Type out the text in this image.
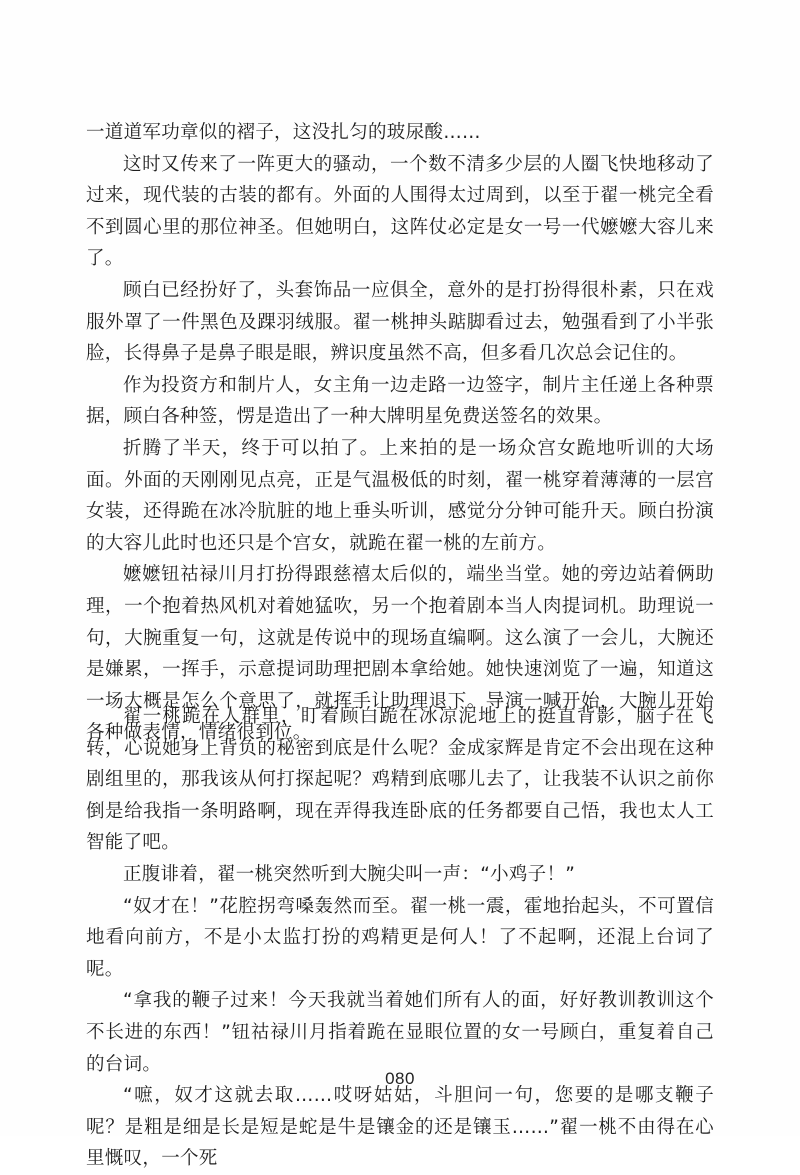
一道道军功章似的褶子，这没扎匀的玻尿酸……

这时又传来了一阵更大的骚动，一个数不清多少层的人圈飞快地移动了过来，现代装的古装的都有。外面的人围得太过周到，以至于翟一桃完全看不到圆心里的那位神圣。但她明白，这阵仗必定是女一号一代嬷嬷大容儿来了。

顾白已经扮好了，头套饰品一应俱全，意外的是打扮得很朴素，只在戏服外罩了一件黑色及踝羽绒服。翟一桃抻头踮脚看过去，勉强看到了小半张脸，长得鼻子是鼻子眼是眼，辨识度虽然不高，但多看几次总会记住的。

作为投资方和制片人，女主角一边走路一边签字，制片主任递上各种票据，顾白各种签，愣是造出了一种大牌明星免费送签名的效果。

折腾了半天，终于可以拍了。上来拍的是一场众宫女跪地听训的大场面。外面的天刚刚见点亮，正是气温极低的时刻，翟一桃穿着薄薄的一层宫女装，还得跪在冰冷肮脏的地上垂头听训，感觉分分钟可能升天。顾白扮演的大容儿此时也还只是个宫女，就跪在翟一桃的左前方。

嬷嬷钮祜禄川月打扮得跟慈禧太后似的，端坐当堂。她的旁边站着俩助理，一个抱着热风机对着她猛吹，另一个抱着剧本当人肉提词机。助理说一句，大腕重复一句，这就是传说中的现场直编啊。这么演了一会儿，大腕还是嫌累，一挥手，示意提词助理把剧本拿给她。她快速浏览了一遍，知道这一场大概是怎么个意思了，就挥手让助理退下。导演一喊开始，大腕儿开始各种做表情，情绪很到位。

翟一桃跪在人群里，盯着顾白跪在冰凉泥地上的挺直背影，脑子在飞转，心说她身上背负的秘密到底是什么呢？金成家辉是肯定不会出现在这种剧组里的，那我该从何打探起呢？鸡精到底哪儿去了，让我装不认识之前你倒是给我指一条明路啊，现在弄得我连卧底的任务都要自己悟，我也太人工智能了吧。

正腹诽着，翟一桃突然听到大腕尖叫一声：“小鸡子！”

“奴才在！”花腔拐弯嗓轰然而至。翟一桃一震，霍地抬起头，不可置信地看向前方，不是小太监打扮的鸡精更是何人！了不起啊，还混上台词了呢。

“拿我的鞭子过来！今天我就当着她们所有人的面，好好教训教训这个不长进的东西！”钮祜禄川月指着跪在显眼位置的女一号顾白，重复着自己的台词。

“嗻，奴才这就去取……哎呀姑姑，斗胆问一句，您要的是哪支鞭子呢？是粗是细是长是短是蛇是牛是镶金的还是镶玉……”翟一桃不由得在心里慨叹，一个死

080
